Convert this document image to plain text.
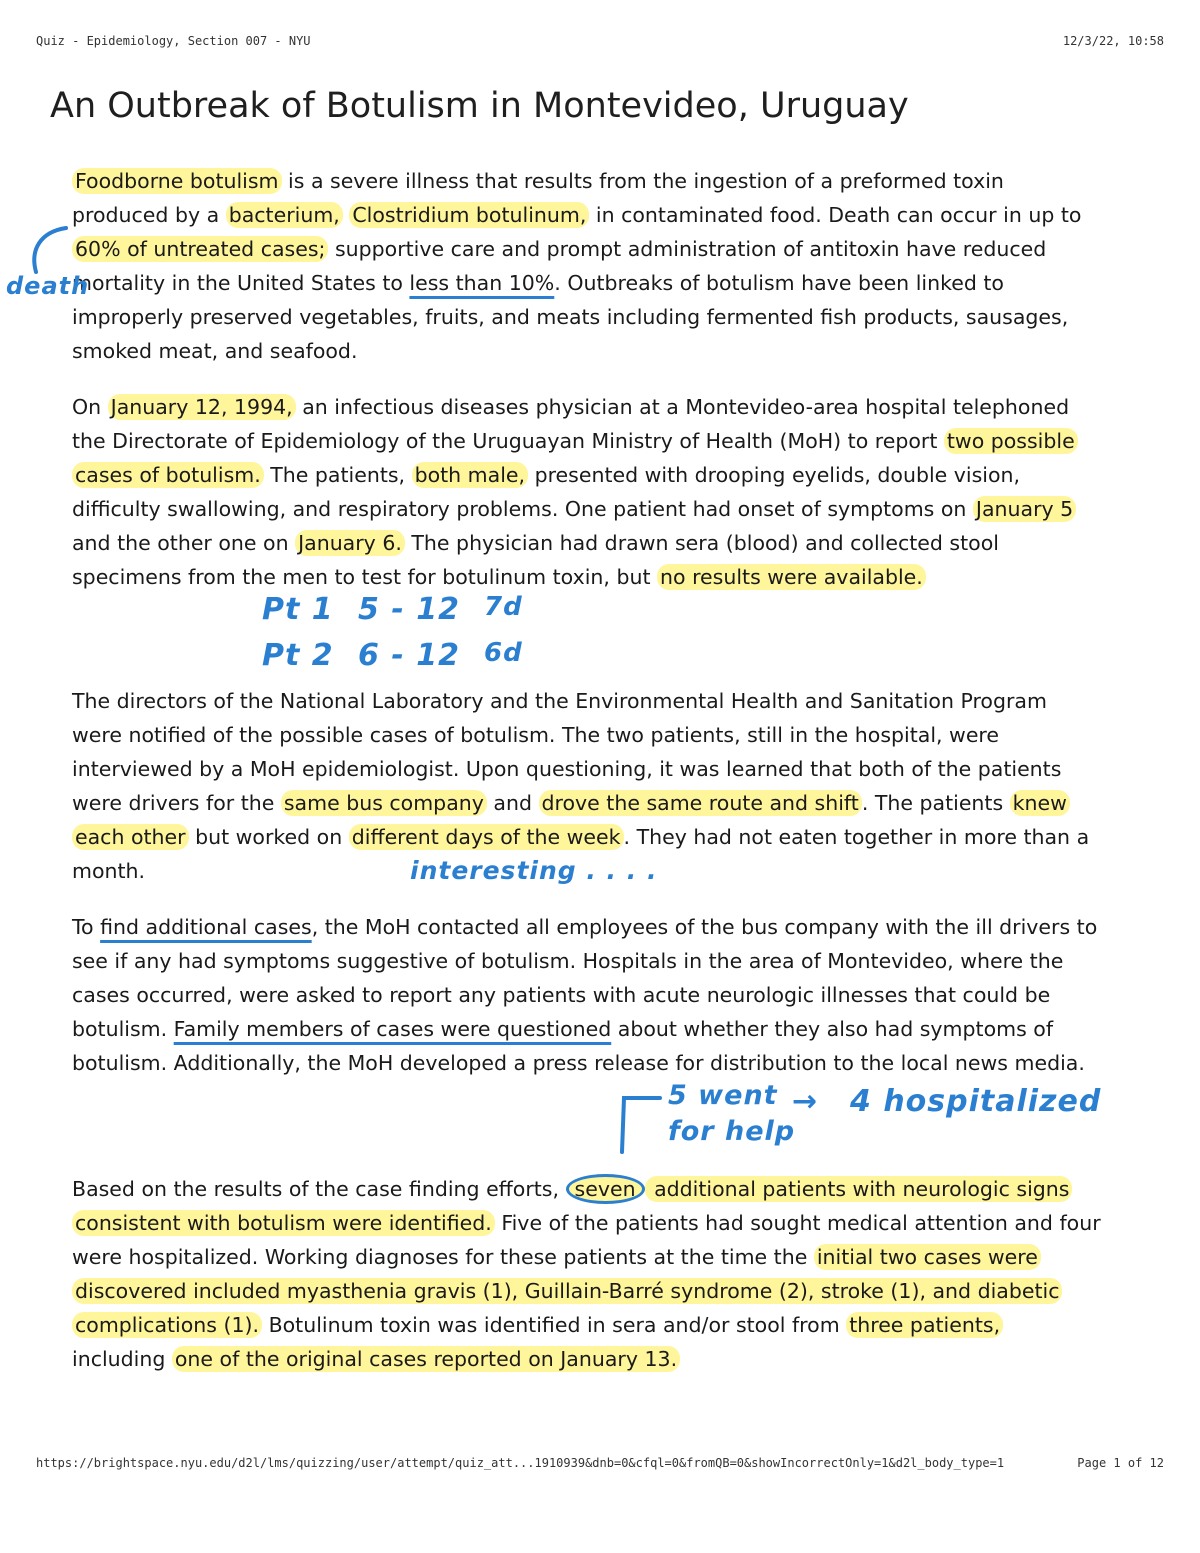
Quiz - Epidemiology, Section 007 - NYU	12/3/22, 10:58
An Outbreak of Botulism in Montevideo, Uruguay

Foodborne botulism is a severe illness that results from the ingestion of a preformed toxin produced by a bacterium, Clostridium botulinum, in contaminated food. Death can occur in up to 60% of untreated cases; supportive care and prompt administration of antitoxin have reduced mortality in the United States to less than 10%. Outbreaks of botulism have been linked to improperly preserved vegetables, fruits, and meats including fermented fish products, sausages, smoked meat, and seafood.

On January 12, 1994, an infectious diseases physician at a Montevideo-area hospital telephoned the Directorate of Epidemiology of the Uruguayan Ministry of Health (MoH) to report two possible cases of botulism. The patients, both male, presented with drooping eyelids, double vision, difficulty swallowing, and respiratory problems. One patient had onset of symptoms on January 5 and the other one on January 6. The physician had drawn sera (blood) and collected stool specimens from the men to test for botulinum toxin, but no results were available.

The directors of the National Laboratory and the Environmental Health and Sanitation Program were notified of the possible cases of botulism. The two patients, still in the hospital, were interviewed by a MoH epidemiologist. Upon questioning, it was learned that both of the patients were drivers for the same bus company and drove the same route and shift . The patients knew each other but worked on different days of the week . They had not eaten together in more than a month.

To find additional cases, the MoH contacted all employees of the bus company with the ill drivers to see if any had symptoms suggestive of botulism. Hospitals in the area of Montevideo, where the cases occurred, were asked to report any patients with acute neurologic illnesses that could be botulism. Family members of cases were questioned about whether they also had symptoms of botulism. Additionally, the MoH developed a press release for distribution to the local news media.

Based on the results of the case finding efforts, seven additional patients with neurologic signs consistent with botulism were identified. Five of the patients had sought medical attention and four were hospitalized. Working diagnoses for these patients at the time the initial two cases were discovered included myasthenia gravis (1), Guillain-Barré syndrome (2), stroke (1), and diabetic complications (1). Botulinum toxin was identified in sera and/or stool from three patients, including one of the original cases reported on January 13.

death
Pt 1 5 - 12 7d
Pt 2 6 - 12 6d
interesting . . . .
5 went
for help
→ 4 hospitalized
https://brightspace.nyu.edu/d2l/lms/quizzing/user/attempt/quiz_att...1910939&dnb=0&cfql=0&fromQB=0&showIncorrectOnly=1&d2l_body_type=1	Page 1 of 12
